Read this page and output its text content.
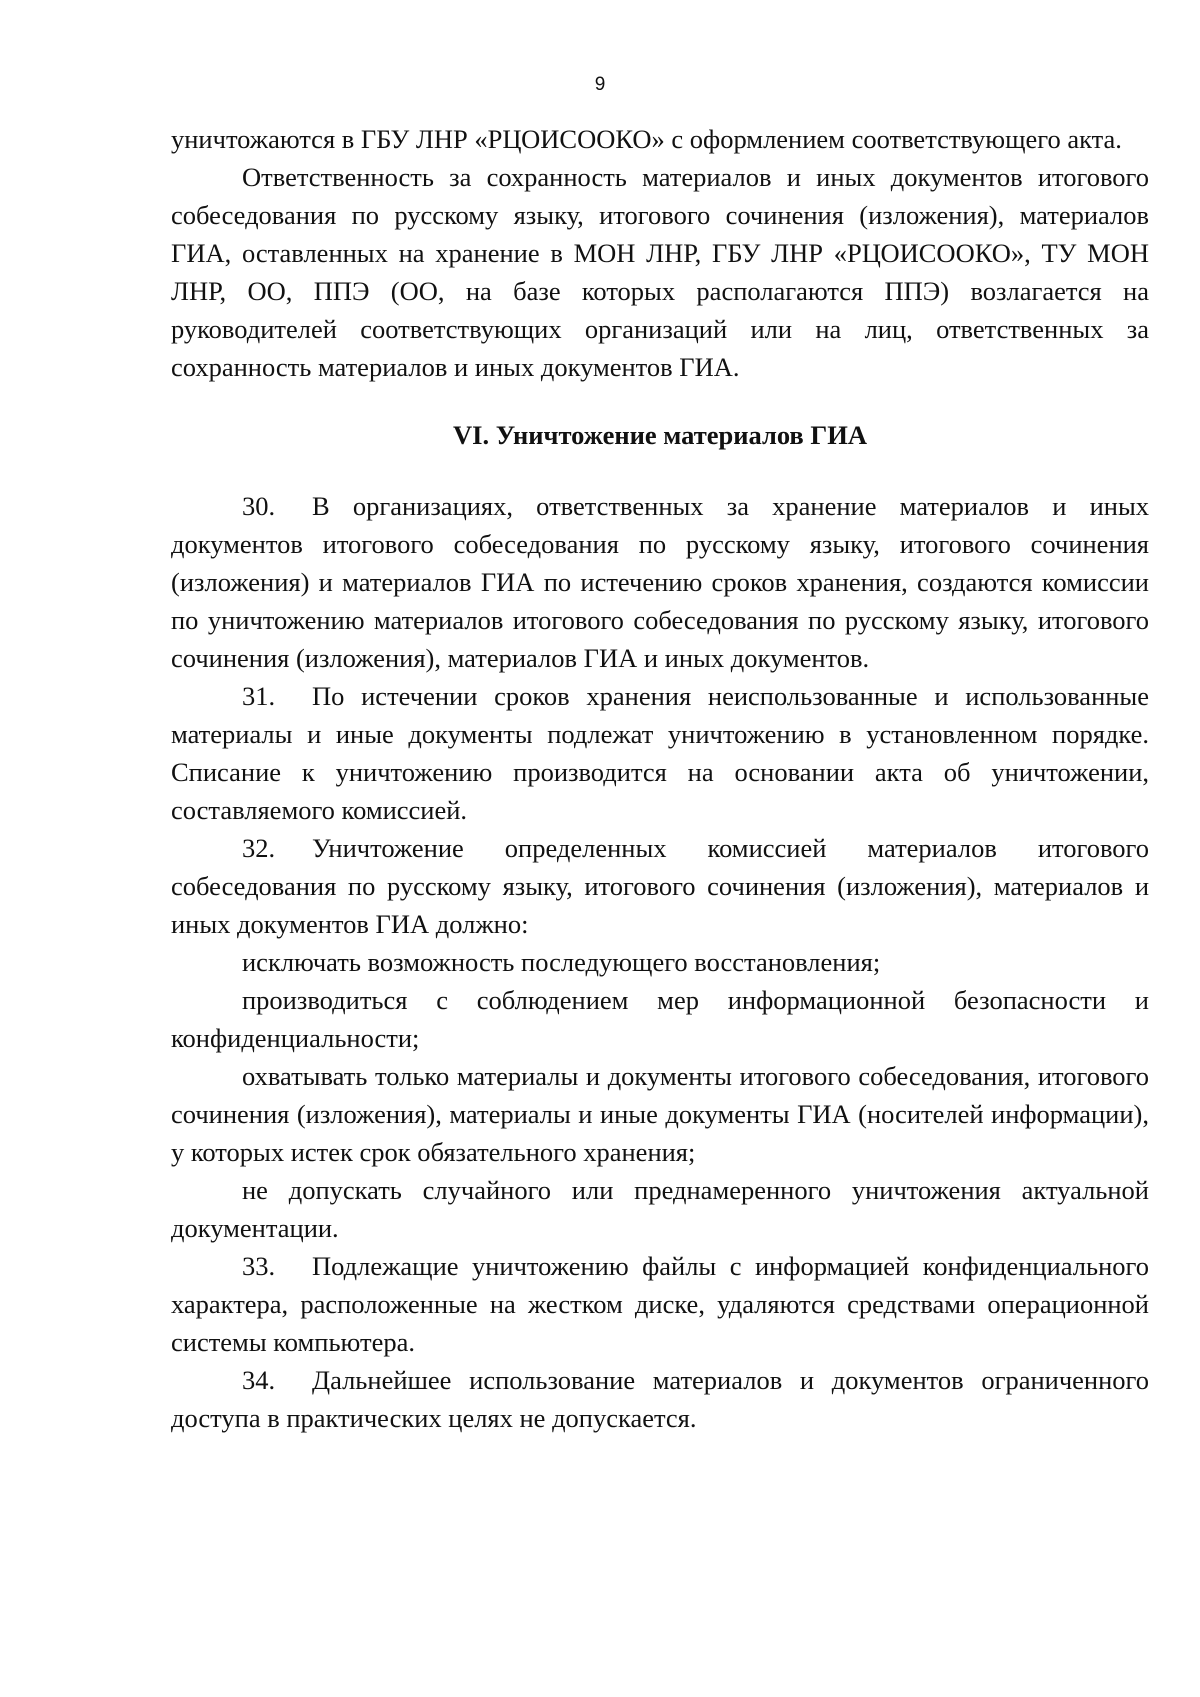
9

уничтожаются в ГБУ ЛНР «РЦОИСООКО» с оформлением соответствующего акта.

Ответственность за сохранность материалов и иных документов итогового собеседования по русскому языку, итогового сочинения (изложения), материалов ГИА, оставленных на хранение в МОН ЛНР, ГБУ ЛНР «РЦОИСООКО», ТУ МОН ЛНР, ОО, ППЭ (ОО, на базе которых располагаются ППЭ) возлагается на руководителей соответствующих организаций или на лиц, ответственных за сохранность материалов и иных документов ГИА.

VI. Уничтожение материалов ГИА

30. В организациях, ответственных за хранение материалов и иных документов итогового собеседования по русскому языку, итогового сочинения (изложения) и материалов ГИА по истечению сроков хранения, создаются комиссии по уничтожению материалов итогового собеседования по русскому языку, итогового сочинения (изложения), материалов ГИА и иных документов.

31. По истечении сроков хранения неиспользованные и использованные материалы и иные документы подлежат уничтожению в установленном порядке. Списание к уничтожению производится на основании акта об уничтожении, составляемого комиссией.

32. Уничтожение определенных комиссией материалов итогового собеседования по русскому языку, итогового сочинения (изложения), материалов и иных документов ГИА должно:

исключать возможность последующего восстановления;

производиться с соблюдением мер информационной безопасности и конфиденциальности;

охватывать только материалы и документы итогового собеседования, итогового сочинения (изложения), материалы и иные документы ГИА (носителей информации), у которых истек срок обязательного хранения;

не допускать случайного или преднамеренного уничтожения актуальной документации.

33. Подлежащие уничтожению файлы с информацией конфиденциального характера, расположенные на жестком диске, удаляются средствами операционной системы компьютера.

34. Дальнейшее использование материалов и документов ограниченного доступа в практических целях не допускается.
